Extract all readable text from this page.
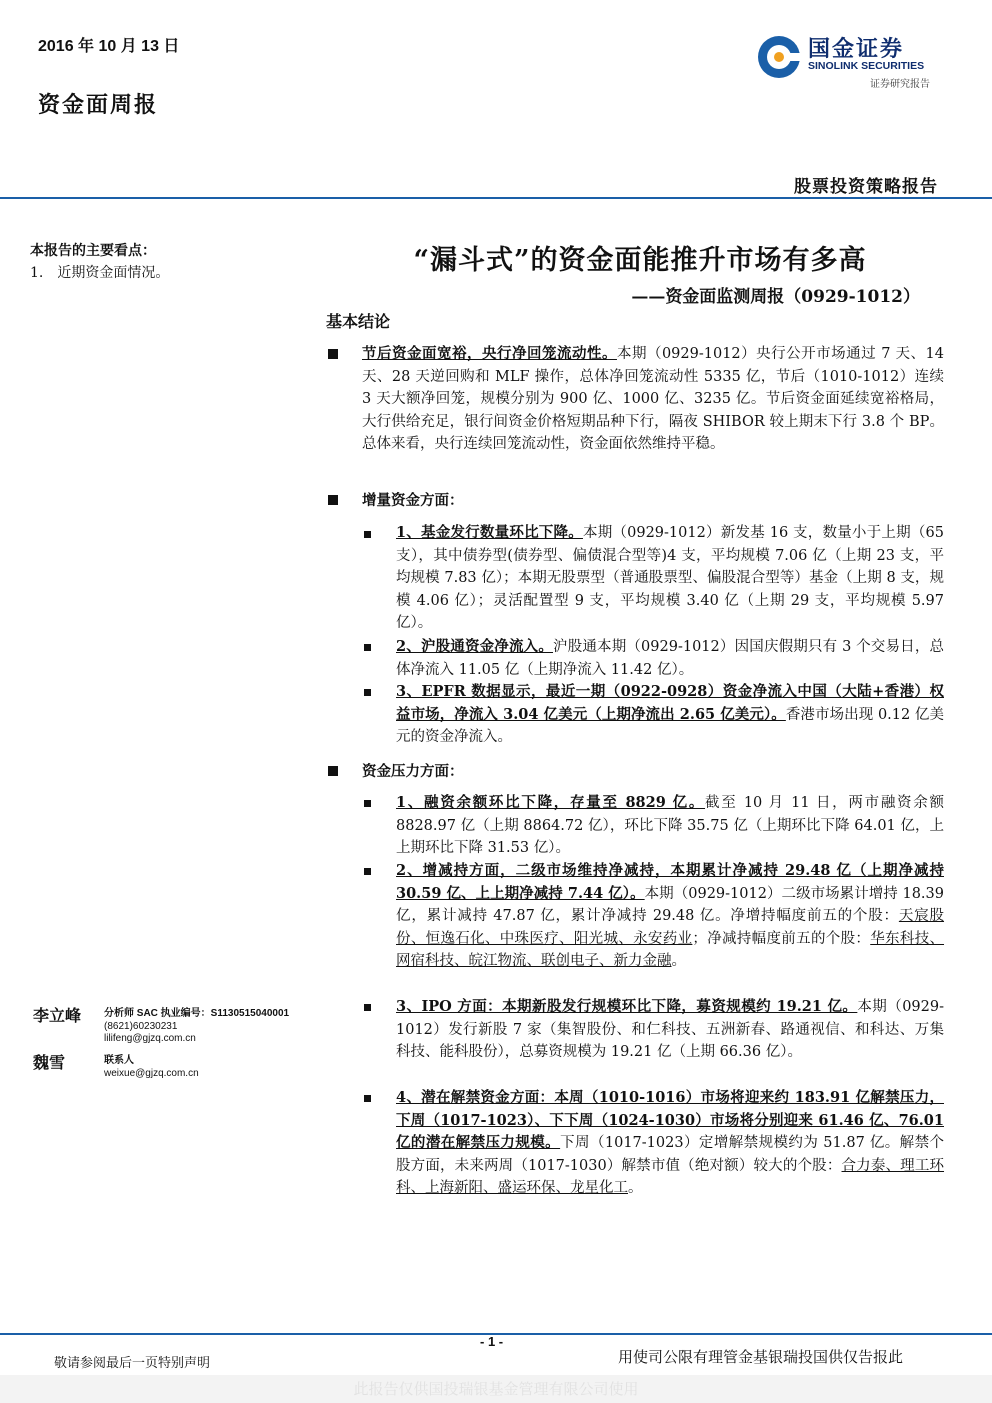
2016 年 10 月 13 日
资金面周报
国金证券
SINOLINK SECURITIES
证券研究报告
股票投资策略报告
本报告的主要看点：
1.　近期资金面情况。	“漏斗式”的资金面能推升市场有多高
——资金面监测周报（0929-1012）
基本结论
节后资金面宽裕，央行净回笼流动性。本期（0929-1012）央行公开市场通过 7 天、14 天、28 天逆回购和 MLF 操作，总体净回笼流动性 5335 亿，节后（1010-1012）连续 3 天大额净回笼，规模分别为 900 亿、1000 亿、3235 亿。节后资金面延续宽裕格局，大行供给充足，银行间资金价格短期品种下行，隔夜 SHIBOR 较上期末下行 3.8 个 BP。总体来看，央行连续回笼流动性，资金面依然维持平稳。
增量资金方面：
1、基金发行数量环比下降。本期（0929-1012）新发基 16 支，数量小于上期（65 支），其中债券型(债券型、偏债混合型等)4 支，平均规模 7.06 亿（上期 23 支，平均规模 7.83 亿）；本期无股票型（普通股票型、偏股混合型等）基金（上期 8 支，规模 4.06 亿）；灵活配置型 9 支，平均规模 3.40 亿（上期 29 支，平均规模 5.97 亿）。
2、沪股通资金净流入。沪股通本期（0929-1012）因国庆假期只有 3 个交易日，总体净流入 11.05 亿（上期净流入 11.42 亿）。
3、EPFR 数据显示，最近一期（0922-0928）资金净流入中国（大陆+香港）权益市场，净流入 3.04 亿美元（上期净流出 2.65 亿美元）。香港市场出现 0.12 亿美元的资金净流入。
资金压力方面：
1、融资余额环比下降，存量至 8829 亿。截至 10 月 11 日，两市融资余额 8828.97 亿（上期 8864.72 亿），环比下降 35.75 亿（上期环比下降 64.01 亿，上上期环比下降 31.53 亿）。
2、增减持方面，二级市场维持净减持，本期累计净减持 29.48 亿（上期净减持 30.59 亿、上上期净减持 7.44 亿）。本期（0929-1012）二级市场累计增持 18.39 亿，累计减持 47.87 亿，累计净减持 29.48 亿。净增持幅度前五的个股：天宸股份、恒逸石化、中珠医疗、阳光城、永安药业；净减持幅度前五的个股：华东科技、网宿科技、皖江物流、联创电子、新力金融。
3、IPO 方面：本期新股发行规模环比下降，募资规模约 19.21 亿。本期（0929-1012）发行新股 7 家（集智股份、和仁科技、五洲新春、路通视信、和科达、万集科技、能科股份），总募资规模为 19.21 亿（上期 66.36 亿）。
4、潜在解禁资金方面：本周（1010-1016）市场将迎来约 183.91 亿解禁压力，下周（1017-1023）、下下周（1024-1030）市场将分别迎来 61.46 亿、76.01 亿的潜在解禁压力规模。下周（1017-1023）定增解禁规模约为 51.87 亿。解禁个股方面，未来两周（1017-1030）解禁市值（绝对额）较大的个股：合力泰、理工环科、上海新阳、盛运环保、龙星化工。
李立峰 分析师 SAC 执业编号：S1130515040001
(8621)60230231
lilifeng@gjzq.com.cn
魏雪	联系人
weixue@gjzq.com.cn
- 1 -
敬请参阅最后一页特别声明	用使司公限有理管金基银瑞投国供仅告报此
此报告仅供国投瑞银基金管理有限公司使用
